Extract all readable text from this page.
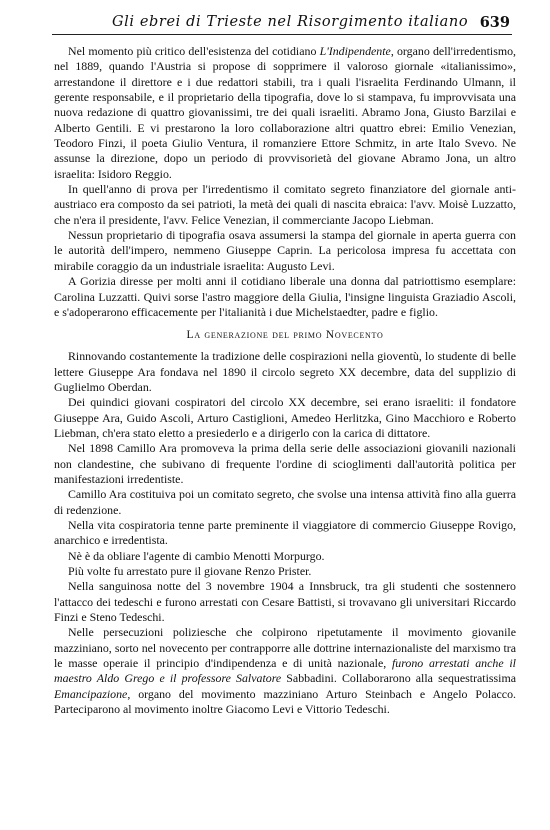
Gli ebrei di Trieste nel Risorgimento italiano 639

Nel momento più critico dell'esistenza del cotidiano L'Indipendente, organo dell'irredentismo, nel 1889, quando l'Austria si propose di sopprimere il valoroso giornale «italianissimo», arrestandone il direttore e i due redattori stabili, tra i quali l'israelita Ferdinando Ulmann, il gerente responsabile, e il proprietario della tipografia, dove lo si stampava, fu improvvisata una nuova redazione di quattro giovanissimi, tre dei quali israeliti. Abramo Jona, Giusto Barzilai e Alberto Gentili. E vi prestarono la loro collaborazione altri quattro ebrei: Emilio Venezian, Teodoro Finzi, il poeta Giulio Ventura, il romanziere Ettore Schmitz, in arte Italo Svevo. Ne assunse la direzione, dopo un periodo di provvisorietà del giovane Abramo Jona, un altro israelita: Isidoro Reggio.

In quell'anno di prova per l'irredentismo il comitato segreto finanziatore del giornale anti-austriaco era composto da sei patrioti, la metà dei quali di nascita ebraica: l'avv. Moisè Luzzatto, che n'era il presidente, l'avv. Felice Venezian, il commerciante Jacopo Liebman.

Nessun proprietario di tipografia osava assumersi la stampa del giornale in aperta guerra con le autorità dell'impero, nemmeno Giuseppe Caprin. La pericolosa impresa fu accettata con mirabile coraggio da un industriale israelita: Augusto Levi.

A Gorizia diresse per molti anni il cotidiano liberale una donna dal patriottismo esemplare: Carolina Luzzatti. Quivi sorse l'astro maggiore della Giulia, l'insigne linguista Graziadio Ascoli, e s'adoperarono efficacemente per l'italianità i due Michelstaedter, padre e figlio.

La generazione del primo Novecento

Rinnovando costantemente la tradizione delle cospirazioni nella gioventù, lo studente di belle lettere Giuseppe Ara fondava nel 1890 il circolo segreto XX decembre, data del supplizio di Guglielmo Oberdan.

Dei quindici giovani cospiratori del circolo XX decembre, sei erano israeliti: il fondatore Giuseppe Ara, Guido Ascoli, Arturo Castiglioni, Amedeo Herlitzka, Gino Macchioro e Roberto Liebman, ch'era stato eletto a presiederlo e a dirigerlo con la carica di dittatore.

Nel 1898 Camillo Ara promoveva la prima della serie delle associazioni giovanili nazionali non clandestine, che subivano di frequente l'ordine di scioglimenti dall'autorità politica per manifestazioni irredentiste.

Camillo Ara costituiva poi un comitato segreto, che svolse una intensa attività fino alla guerra di redenzione.

Nella vita cospiratoria tenne parte preminente il viaggiatore di commercio Giuseppe Rovigo, anarchico e irredentista.

Nè è da obliare l'agente di cambio Menotti Morpurgo.

Più volte fu arrestato pure il giovane Renzo Prister.

Nella sanguinosa notte del 3 novembre 1904 a Innsbruck, tra gli studenti che sostennero l'attacco dei tedeschi e furono arrestati con Cesare Battisti, si trovavano gli universitari Riccardo Finzi e Steno Tedeschi.

Nelle persecuzioni poliziesche che colpirono ripetutamente il movimento giovanile mazziniano, sorto nel novecento per contrapporre alle dottrine internazionaliste del marxismo tra le masse operaie il principio d'indipendenza e di unità nazionale, furono arrestati anche il maestro Aldo Grego e il professore Salvatore Sabbadini. Collaborarono alla sequestratissima Emancipazione, organo del movimento mazziniano Arturo Steinbach e Angelo Polacco. Parteciparono al movimento inoltre Giacomo Levi e Vittorio Tedeschi.
